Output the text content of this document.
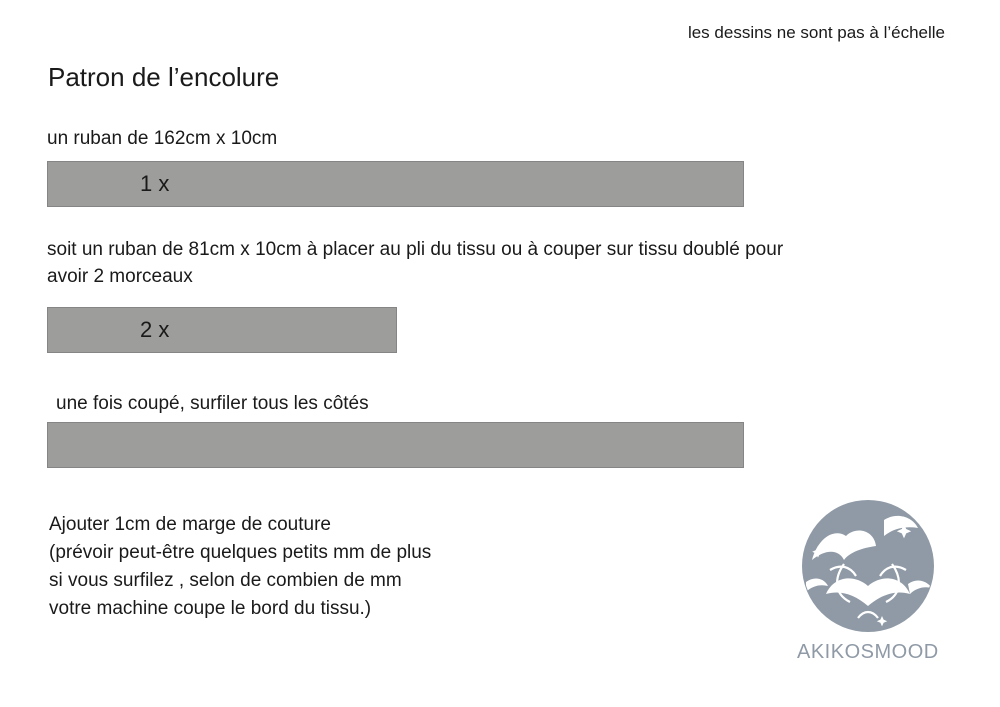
les dessins ne sont pas à l’échelle
Patron de l’encolure
un ruban de 162cm x 10cm
1 x
soit un ruban de 81cm x 10cm à placer au pli du tissu ou à couper sur tissu doublé pour
avoir 2 morceaux
2 x
une fois coupé, surfiler tous les côtés
Ajouter 1cm de marge de couture
(prévoir peut-être quelques petits mm de plus
si vous surfilez , selon de combien de mm
votre machine coupe le bord du tissu.)
AKIKOSMOOD
